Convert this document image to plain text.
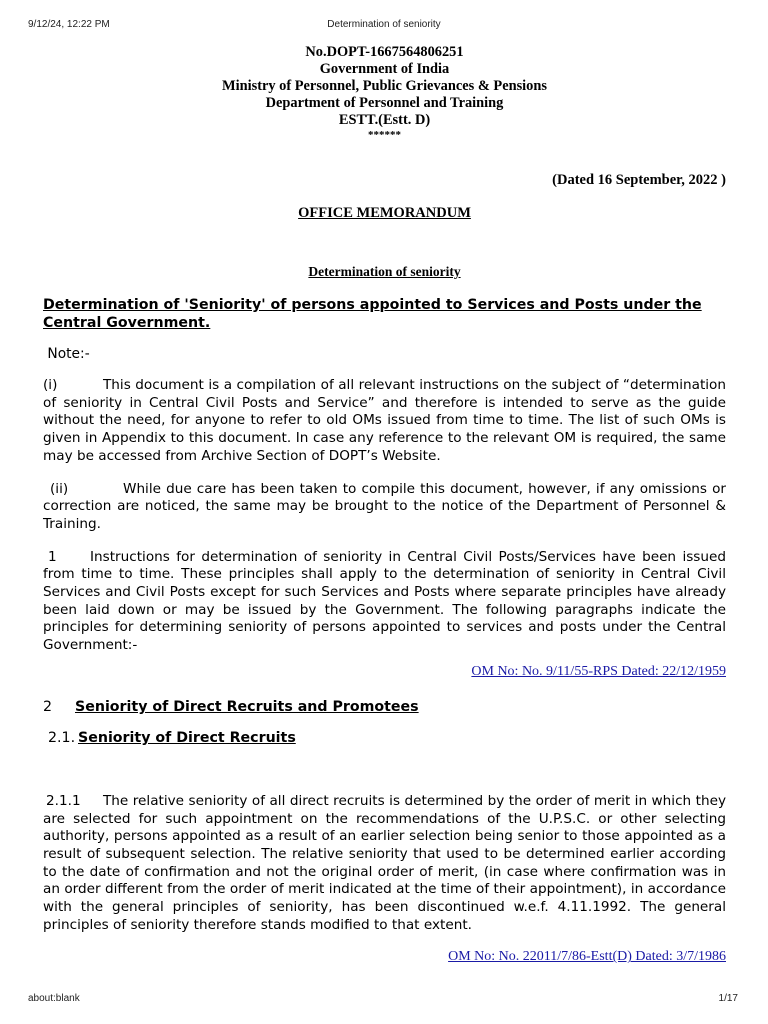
9/12/24, 12:22 PM	Determination of seniority
No.DOPT-1667564806251
Government of India
Ministry of Personnel, Public Grievances & Pensions
Department of Personnel and Training
ESTT.(Estt. D)
******
(Dated 16 September, 2022 )
OFFICE MEMORANDUM
Determination of seniority
Determination of 'Seniority' of persons appointed to Services and Posts under the Central Government.
Note:-

(i)	This document is a compilation of all relevant instructions on the subject of “determination of seniority in Central Civil Posts and Service” and therefore is intended to serve as the guide without the need, for anyone to refer to old OMs issued from time to time. The list of such OMs is given in Appendix to this document. In case any reference to the relevant OM is required, the same may be accessed from Archive Section of DOPT’s Website.

(ii)	While due care has been taken to compile this document, however, if any omissions or correction are noticed, the same may be brought to the notice of the Department of Personnel & Training.

1 Instructions for determination of seniority in Central Civil Posts/Services have been issued from time to time. These principles shall apply to the determination of seniority in Central Civil Services and Civil Posts except for such Services and Posts where separate principles have already been laid down or may be issued by the Government. The following paragraphs indicate the principles for determining seniority of persons appointed to services and posts under the Central Government:-

OM No: No. 9/11/55-RPS Dated: 22/12/1959
2 Seniority of Direct Recruits and Promotees
2.1. Seniority of Direct Recruits

2.1.1 The relative seniority of all direct recruits is determined by the order of merit in which they are selected for such appointment on the recommendations of the U.P.S.C. or other selecting authority, persons appointed as a result of an earlier selection being senior to those appointed as a result of subsequent selection. The relative seniority that used to be determined earlier according to the date of confirmation and not the original order of merit, (in case where confirmation was in an order different from the order of merit indicated at the time of their appointment), in accordance with the general principles of seniority, has been discontinued w.e.f. 4.11.1992. The general principles of seniority therefore stands modified to that extent.

OM No: No. 22011/7/86-Estt(D) Dated: 3/7/1986
about:blank	1/17
